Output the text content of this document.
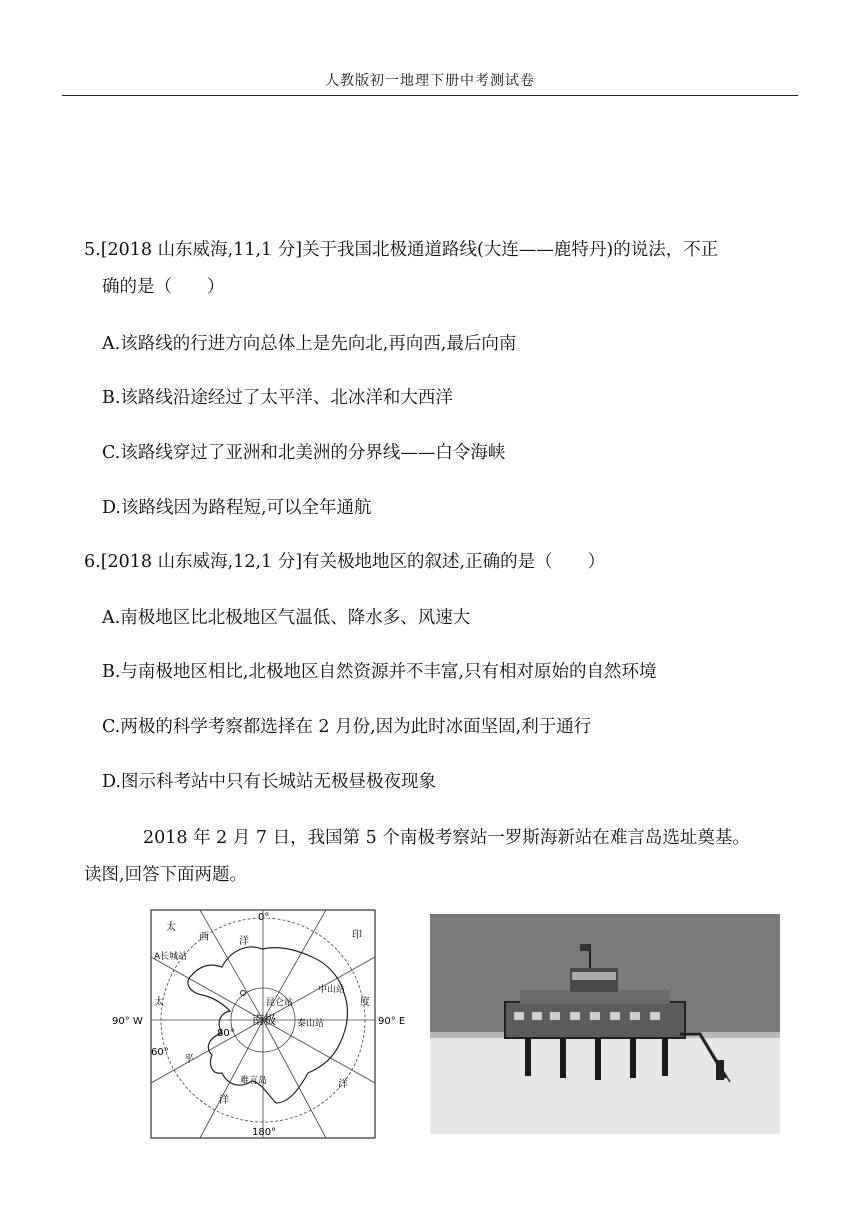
人教版初一地理下册中考测试卷
5.[2018 山东威海,11,1 分]关于我国北极通道路线(大连——鹿特丹)的说法，不正
确的是（　　）
A.该路线的行进方向总体上是先向北,再向西,最后向南
B.该路线沿途经过了太平洋、北冰洋和大西洋
C.该路线穿过了亚洲和北美洲的分界线——白令海峡
D.该路线因为路程短,可以全年通航
6.[2018 山东威海,12,1 分]有关极地地区的叙述,正确的是（　　）
A.南极地区比北极地区气温低、降水多、风速大
B.与南极地区相比,北极地区自然资源并不丰富,只有相对原始的自然环境
C.两极的科学考察都选择在 2 月份,因为此时冰面坚固,利于通行
D.图示科考站中只有长城站无极昼极夜现象
2018 年 2 月 7 日，我国第 5 个南极考察站一罗斯海新站在难言岛选址奠基。
读图,回答下面两题。
0°
180°
90° W	90° E
80°
60°
南极
A长城站
昆仑站
中山站
泰山站
难言岛
太
西	洋
印
度
太
平
洋
洋
